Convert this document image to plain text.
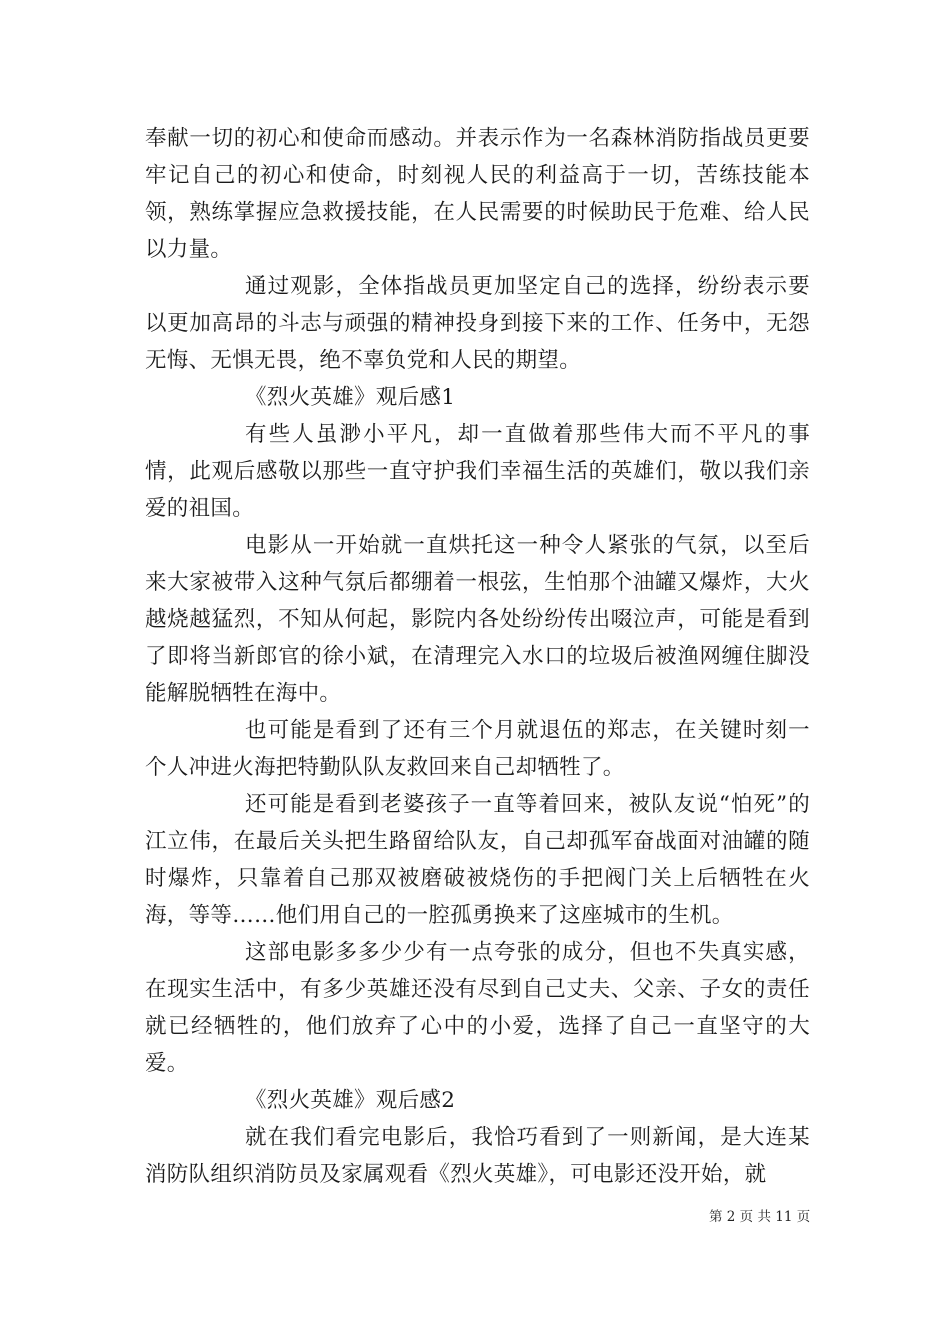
奉献一切的初心和使命而感动。并表示作为一名森林消防指战员更要牢记自己的初心和使命，时刻视人民的利益高于一切，苦练技能本领，熟练掌握应急救援技能，在人民需要的时候助民于危难、给人民以力量。

通过观影，全体指战员更加坚定自己的选择，纷纷表示要以更加高昂的斗志与顽强的精神投身到接下来的工作、任务中，无怨无悔、无惧无畏，绝不辜负党和人民的期望。

《烈火英雄》观后感1

有些人虽渺小平凡，却一直做着那些伟大而不平凡的事情，此观后感敬以那些一直守护我们幸福生活的英雄们，敬以我们亲爱的祖国。

电影从一开始就一直烘托这一种令人紧张的气氛，以至后来大家被带入这种气氛后都绷着一根弦，生怕那个油罐又爆炸，大火越烧越猛烈，不知从何起，影院内各处纷纷传出啜泣声，可能是看到了即将当新郎官的徐小斌，在清理完入水口的垃圾后被渔网缠住脚没能解脱牺牲在海中。

也可能是看到了还有三个月就退伍的郑志，在关键时刻一个人冲进火海把特勤队队友救回来自己却牺牲了。

还可能是看到老婆孩子一直等着回来，被队友说“怕死”的江立伟，在最后关头把生路留给队友，自己却孤军奋战面对油罐的随时爆炸，只靠着自己那双被磨破被烧伤的手把阀门关上后牺牲在火海，等等……他们用自己的一腔孤勇换来了这座城市的生机。

这部电影多多少少有一点夸张的成分，但也不失真实感，在现实生活中，有多少英雄还没有尽到自己丈夫、父亲、子女的责任就已经牺牲的，他们放弃了心中的小爱，选择了自己一直坚守的大爱。

《烈火英雄》观后感2

就在我们看完电影后，我恰巧看到了一则新闻，是大连某消防队组织消防员及家属观看《烈火英雄》，可电影还没开始，就

第 2 页 共 11 页
